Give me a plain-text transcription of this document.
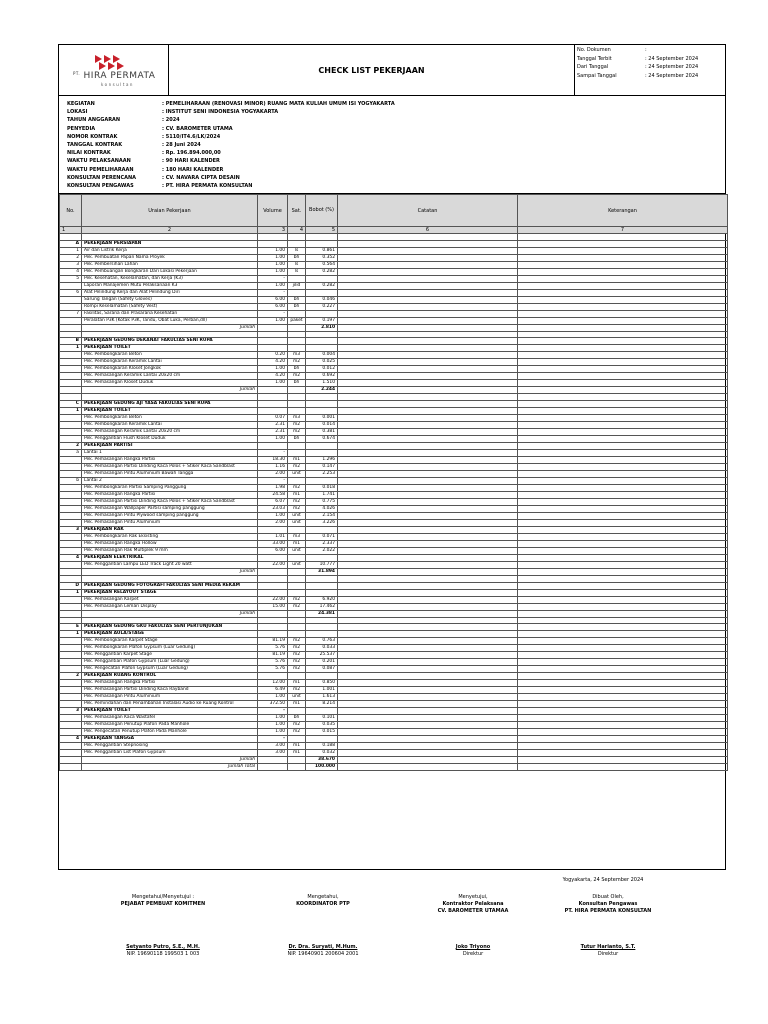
$^{PT.}$ HIRA PERMATA
konsultan
CHECK LIST PEKERJAAN
No. Dokumen	:
Tanggal Terbit	: 24 September 2024
Dari Tanggal	: 24 September 2024
Sampai Tanggal	: 24 September 2024
KEGIATAN	: PEMELIHARAAN (RENOVASI MINOR) RUANG MATA KULIAH UMUM ISI YOGYAKARTA
LOKASI	: INSTITUT SENI INDONESIA YOGYAKARTA
TAHUN ANGGARAN	: 2024
PENYEDIA	: CV. BAROMETER UTAMA
NOMOR KONTRAK	: 5110/IT4.6/LK/2024
TANGGAL KONTRAK	: 28 Juni 2024
NILAI KONTRAK	: Rp. 196.894.000,00
WAKTU PELAKSANAAN	: 90 HARI KALENDER
WAKTU PEMELIHARAAN	: 180 HARI KALENDER
KONSULTAN PERENCANA	: CV. NAVARA CIPTA DESAIN
KONSULTAN PENGAWAS	: PT. HIRA PERMATA KONSULTAN
No.	Uraian Pekerjaan	Volume	Sat.	Bobot (%)	Catatan	Keterangan
1	2	3	4	5	6	7

A	PEKERJAAN PERSIAPAN					
1	Air dan Listrik Kerja	1.00	ls	0.861		
2	Pek. Pembuatan Papan Nama Proyek	1.00	bh	0.352		
3	Pek. Pembersihan Lahan	1.00	ls	0.564		
4	Pek. Pembuangan Bongkaran Dari Lokasi Pekerjaan	1.00	ls	0.282		
5	Pek. Kesehatan, Keselamatan, dan Kerja (K3)	-				
	Laporan Manajemen Mutu Pelaksanaan K3	1.00	jilid	0.282		
6	Alat Pelindung Kerja dan Alat Pelindung Diri	-				
	Sarung Tangan (Safety Gloves)	6.00	bh	0.046		
	Rompi Keselamatan (Safety Vest)	6.00	bh	0.227		
7	Fasilitas, Sarana dan Prasarana Kesehatan	-				
	Peralatan P3K (Kotak P3K, Tandu, Obat Luka, Perban,dll)	1.00	paket	0.197		
	Jumlah			2.810		

B	PEKERJAAN GEDUNG DEKANAT FAKULTAS SENI RUPA					
1	PEKERJAAN TOILET					
	Pek. Pembongkaran Beton	0.20	m3	0.004		
	Pek. Pembongkaran Keramik Lantai	4.20	m2	0.025		
	Pek. Pembongkaran Kloset Jongkok	1.00	bh	0.012		
	Pek. Pemasangan Keramik Lantai 20x20 cm	4.20	m2	0.692		
	Pek. Pemasangan Kloset Duduk	1.00	bh	1.510		
	Jumlah			2.244		

C	PEKERJAAN GEDUNG AJI YASA FAKULTAS SENI RUPA					
1	PEKERJAAN TOILET					
	Pek. Pembongkaran Beton	0.07	m3	0.001		
	Pek. Pembongkaran Keramik Lantai	2.31	m2	0.014		
	Pek. Pemasangan Keramik Lantai 20x20 cm	2.31	m2	0.381		
	Pek. Penggantian Flush Kloset Duduk	1.00	bh	0.674		
2	PEKERJAAN PARTISI					
a	Lantai 1	-				
	Pek. Pemasangan Rangka Partisi	18.30	m1	1.296		
	Pek. Pemasangan Partisi Dinding Kaca Polos + Stiker Kaca Sandblast	1.16	m2	0.147		
	Pek. Pemasangan Pintu Aluminium Bawah Tangga	2.00	unit	2.253		
b	Lantai 2	-				
	Pek. Pembongkaran Partisi Samping Panggung	1.98	m2	0.018		
	Pek. Pemasangan Rangka Partisi	24.58	m1	1.741		
	Pek. Pemasangan Partisi Dinding Kaca Polos + Stiker Kaca Sandblast	6.07	m2	0.775		
	Pek. Pemasangan Wallpaper Partisi samping panggung	23.03	m2	4.026		
	Pek. Pemasangan Pintu Plywood samping panggung	1.00	unit	2.154		
	Pek. Pemasangan Pintu Aluminium	2.00	unit	3.226		
3	PEKERJAAN RAK					
	Pek. Pembongkaran Rak Eksisting	1.01	m3	0.071		
	Pek. Pemasangan Rangka Hollow	33.00	m1	2.337		
	Pek. Pemasangan Rak Multiplek 9 mm	6.00	unit	2.022		
4	PEKERJAAN ELEKTRIKAL					
	Pek. Penggantian Lampu LED Track Light 20 watt	22.00	unit	10.777		
	Jumlah			31.894		

D	PEKERJAAN GEDUNG FOTOGRAFI FAKULTAS SENI MEDIA REKAM					
1	PEKERJAAN RELAYOUT STAGE					
	Pek. Pemasangan Karpet	22.00	m2	6.920		
	Pek. Pemasangan Lemari Display	15.00	m2	17.462		
	Jumlah			24.381		

E	PEKERJAAN GEDUNG GKU FAKULTAS SENI PERTUNJUKAN					
1	PEKERJAAN AULA/STAGE					
	Pek. Pembongkaran Karpet Stage	81.19	m2	0.763		
	Pek. Pembongkaran Plafon Gypsum (Luar Gedung)	5.76	m2	0.033		
	Pek. Penggantian Karpet Stage	81.19	m2	25.537		
	Pek. Penggantian Plafon Gypsum (Luar Gedung)	5.76	m2	0.201		
	Pek. Pengecatan Plafon Gypsum (Luar Gedung)	5.76	m2	0.087		
2	PEKERJAAN RUANG KONTROL					
	Pek. Pemasangan Rangka Partisi	12.00	m1	0.850		
	Pek. Pemasangan Partisi Dinding Kaca Rayband	6.49	m2	1.001		
	Pek. Pemasangan Pintu Aluminium	1.00	unit	1.613		
	Pek. Pemindahan dan Penambahan Instalasi Audio ke Ruang Kontrol	372.50	m1	8.214		
3	PEKERJAAN TOILET	-				
	Pek. Pemasangan Kaca Wastafel	1.00	bh	0.101		
	Pek. Pemasangan Penutup Plafon Pada Manhole	1.00	m2	0.035		
	Pek. Pengecatan Penutup Plafon Pada Manhole	1.00	m2	0.015		
4	PEKERJAAN TANGGA	-				
	Pek. Penggantian Stepnosing	3.00	m1	0.188		
	Pek. Penggantian List Plafon Gypsum	3.00	m1	0.032		
	Jumlah			38.670		
	Jumlah Total			100.000		
Yogyakarta, 24 September 2024
Mengetahui/Menyetujui :
PEJABAT PEMBUAT KOMITMEN
Setyanto Putro, S.E., M.H.
NIP. 19690118 199503 1 003
Mengetahui,
KOORDINATOR PTP
Dr. Dra. Suryati, M.Hum.
NIP. 19640901 200604 2001
Menyetujui,
Kontraktor Pelaksana
CV. BAROMETER UTAMAA
Joko Triyono
Direktur
Dibuat Oleh,
Konsultan Pengawas
PT. HIRA PERMATA KONSULTAN
Tutur Harianto, S.T.
Direktur
